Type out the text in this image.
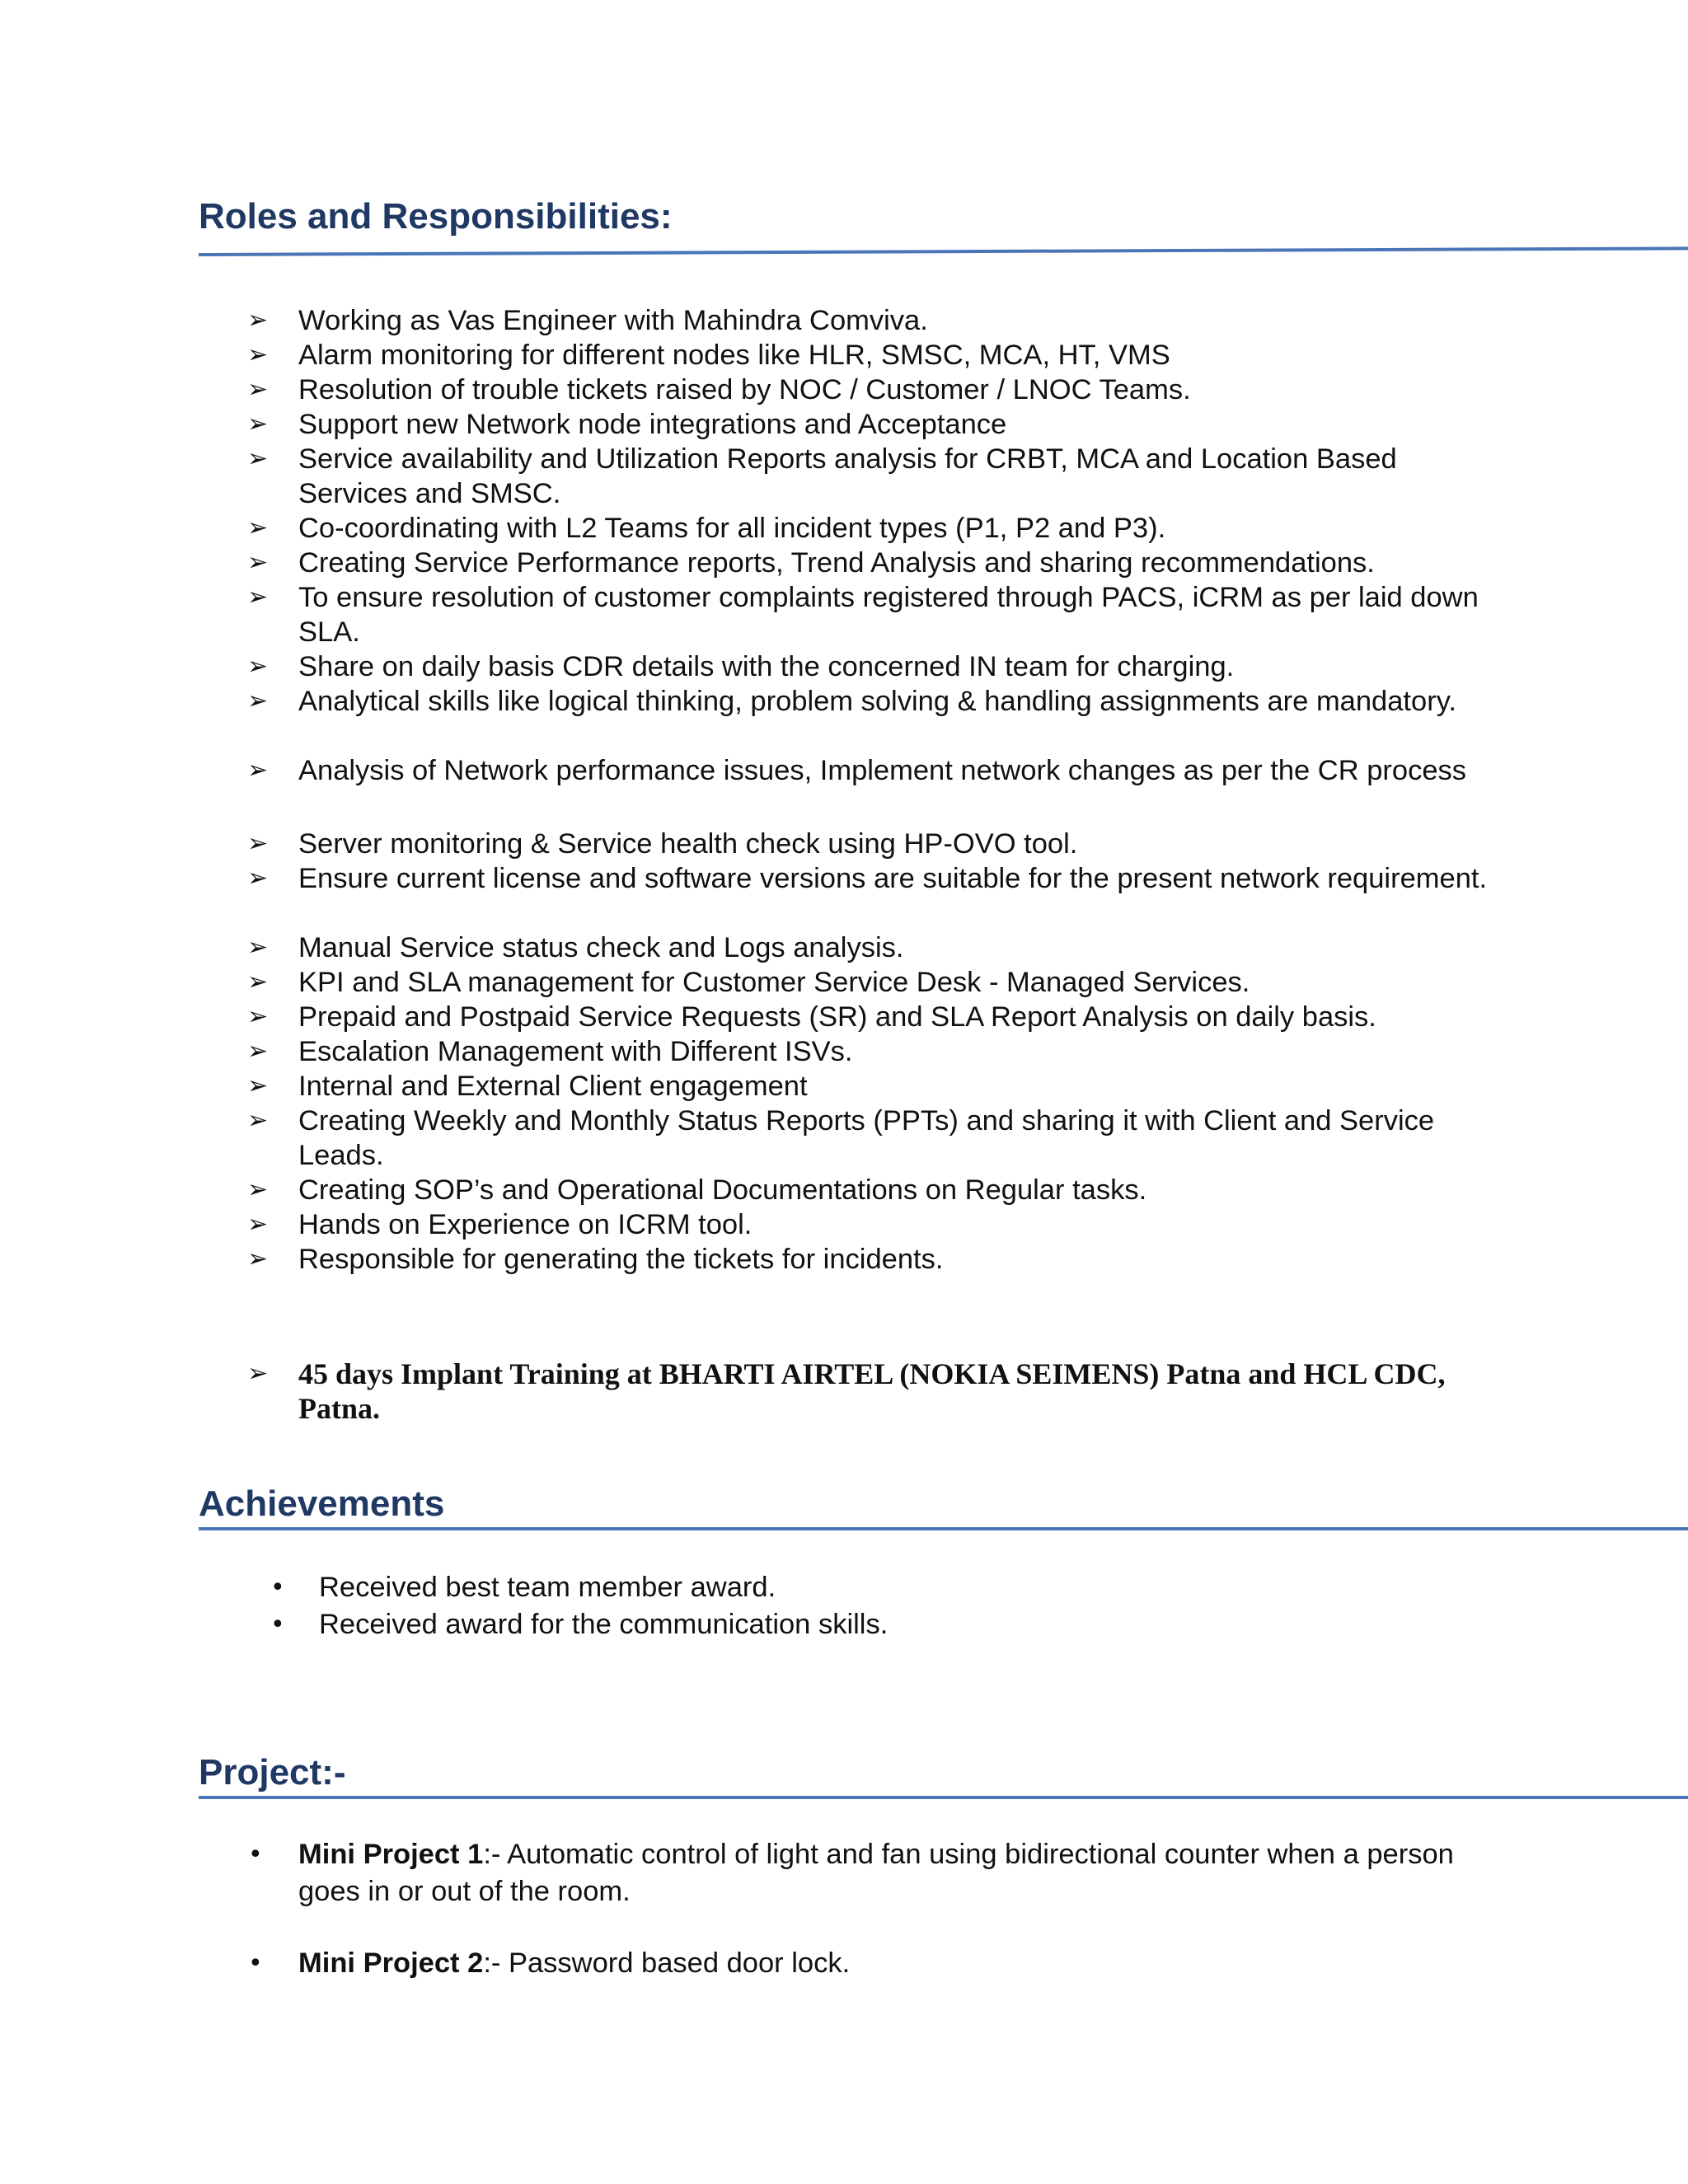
Roles and Responsibilities:
➢ Working as Vas Engineer with Mahindra Comviva.
➢ Alarm monitoring for different nodes like HLR, SMSC, MCA, HT, VMS
➢ Resolution of trouble tickets raised by NOC / Customer / LNOC Teams.
➢ Support new Network node integrations and Acceptance
➢ Service availability and Utilization Reports analysis for CRBT, MCA and Location Based Services and SMSC.
➢ Co-coordinating with L2 Teams for all incident types (P1, P2 and P3).
➢ Creating Service Performance reports, Trend Analysis and sharing recommendations.
➢ To ensure resolution of customer complaints registered through PACS, iCRM as per laid down SLA.
➢ Share on daily basis CDR details with the concerned IN team for charging.
➢ Analytical skills like logical thinking, problem solving & handling assignments are mandatory.
➢ Analysis of Network performance issues, Implement network changes as per the CR process
➢ Server monitoring & Service health check using HP-OVO tool.
➢ Ensure current license and software versions are suitable for the present network requirement.
➢ Manual Service status check and Logs analysis.
➢ KPI and SLA management for Customer Service Desk - Managed Services.
➢ Prepaid and Postpaid Service Requests (SR) and SLA Report Analysis on daily basis.
➢ Escalation Management with Different ISVs.
➢ Internal and External Client engagement
➢ Creating Weekly and Monthly Status Reports (PPTs) and sharing it with Client and Service Leads.
➢ Creating SOP’s and Operational Documentations on Regular tasks.
➢ Hands on Experience on ICRM tool.
➢ Responsible for generating the tickets for incidents.
➢ 45 days Implant Training at BHARTI AIRTEL (NOKIA SEIMENS) Patna and HCL CDC, Patna.
Achievements
• Received best team member award.
• Received award for the communication skills.
Project:-
• Mini Project 1:- Automatic control of light and fan using bidirectional counter when a person goes in or out of the room.
• Mini Project 2:- Password based door lock.
